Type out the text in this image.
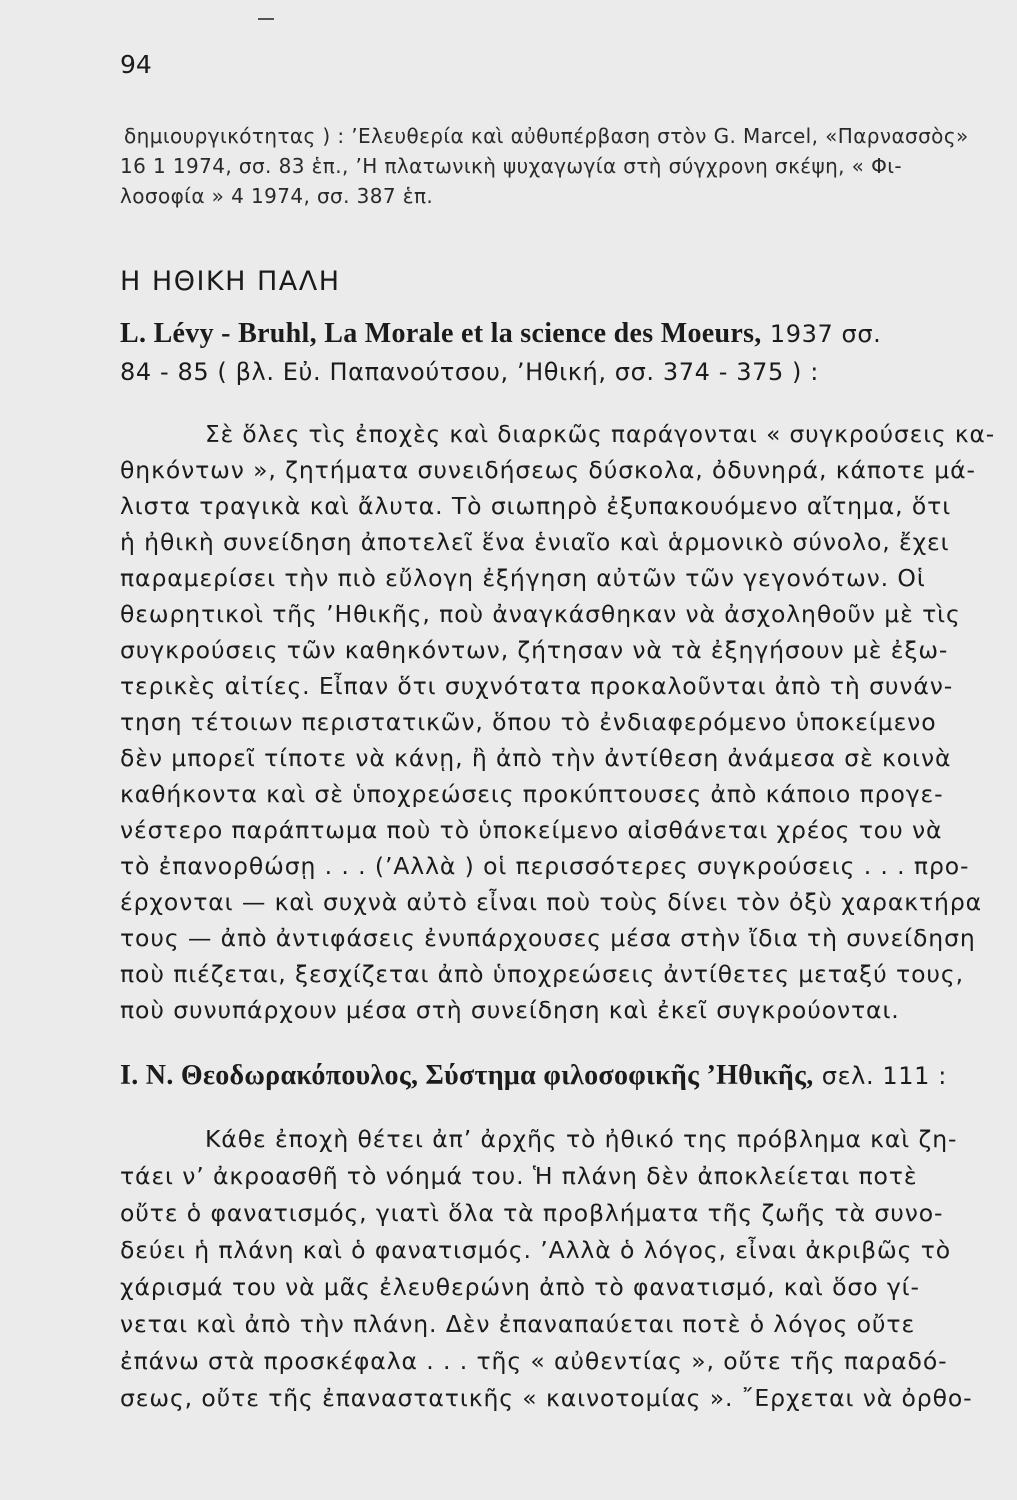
94
δημιουργικότητας ) : ’Ελευθερία καὶ αὐθυπέρβαση στὸν G. Marcel, «Παρνασσὸς»
16 1 1974, σσ. 83 ἑπ., ’Η πλατωνικὴ ψυχαγωγία στὴ σύγχρονη σκέψη, « Φι-
λοσοφία » 4 1974, σσ. 387 ἑπ.
Η ΗΘΙΚΗ ΠΑΛΗ
L. Lévy - Bruhl, La Morale et la science des Moeurs, 1937 σσ.
84 - 85 ( βλ. Εὐ. Παπανούτσου, ’Ηθική, σσ. 374 - 375 ) :
Σὲ ὅλες τὶς ἐποχὲς καὶ διαρκῶς παράγονται « συγκρούσεις κα-
θηκόντων », ζητήματα συνειδήσεως δύσκολα, ὀδυνηρά, κάποτε μά-
λιστα τραγικὰ καὶ ἄλυτα. Τὸ σιωπηρὸ ἐξυπακουόμενο αἴτημα, ὅτι
ἡ ἠθικὴ συνείδηση ἀποτελεῖ ἕνα ἑνιαῖο καὶ ἁρμονικὸ σύνολο, ἔχει
παραμερίσει τὴν πιὸ εὔλογη ἐξήγηση αὐτῶν τῶν γεγονότων. Οἱ
θεωρητικοὶ τῆς ’Ηθικῆς, ποὺ ἀναγκάσθηκαν νὰ ἀσχοληθοῦν μὲ τὶς
συγκρούσεις τῶν καθηκόντων, ζήτησαν νὰ τὰ ἐξηγήσουν μὲ ἐξω-
τερικὲς αἰτίες. Εἶπαν ὅτι συχνότατα προκαλοῦνται ἀπὸ τὴ συνάν-
τηση τέτοιων περιστατικῶν, ὅπου τὸ ἐνδιαφερόμενο ὑποκείμενο
δὲν μπορεῖ τίποτε νὰ κάνῃ, ἢ ἀπὸ τὴν ἀντίθεση ἀνάμεσα σὲ κοινὰ
καθήκοντα καὶ σὲ ὑποχρεώσεις προκύπτουσες ἀπὸ κάποιο προγε-
νέστερο παράπτωμα ποὺ τὸ ὑποκείμενο αἰσθάνεται χρέος του νὰ
τὸ ἐπανορθώσῃ . . . (’Αλλὰ ) οἱ περισσότερες συγκρούσεις . . . προ-
έρχονται — καὶ συχνὰ αὐτὸ εἶναι ποὺ τοὺς δίνει τὸν ὀξὺ χαρακτήρα
τους — ἀπὸ ἀντιφάσεις ἐνυπάρχουσες μέσα στὴν ἴδια τὴ συνείδηση
ποὺ πιέζεται, ξεσχίζεται ἀπὸ ὑποχρεώσεις ἀντίθετες μεταξύ τους,
ποὺ συνυπάρχουν μέσα στὴ συνείδηση καὶ ἐκεῖ συγκρούονται.
Ι. Ν. Θεοδωρακόπουλος, Σύστημα φιλοσοφικῆς ’Ηθικῆς, σελ. 111 :
Κάθε ἐποχὴ θέτει ἀπ’ ἀρχῆς τὸ ἠθικό της πρόβλημα καὶ ζη-
τάει ν’ ἀκροασθῆ τὸ νόημά του. Ἡ πλάνη δὲν ἀποκλείεται ποτὲ
οὔτε ὁ φανατισμός, γιατὶ ὅλα τὰ προβλήματα τῆς ζωῆς τὰ συνο-
δεύει ἡ πλάνη καὶ ὁ φανατισμός. ’Αλλὰ ὁ λόγος, εἶναι ἀκριβῶς τὸ
χάρισμά του νὰ μᾶς ἐλευθερώνη ἀπὸ τὸ φανατισμό, καὶ ὅσο γί-
νεται καὶ ἀπὸ τὴν πλάνη. Δὲν ἐπαναπαύεται ποτὲ ὁ λόγος οὔτε
ἐπάνω στὰ προσκέφαλα . . . τῆς « αὐθεντίας », οὔτε τῆς παραδό-
σεως, οὔτε τῆς ἐπαναστατικῆς « καινοτομίας ». ῎Ερχεται νὰ ὀρθο-
